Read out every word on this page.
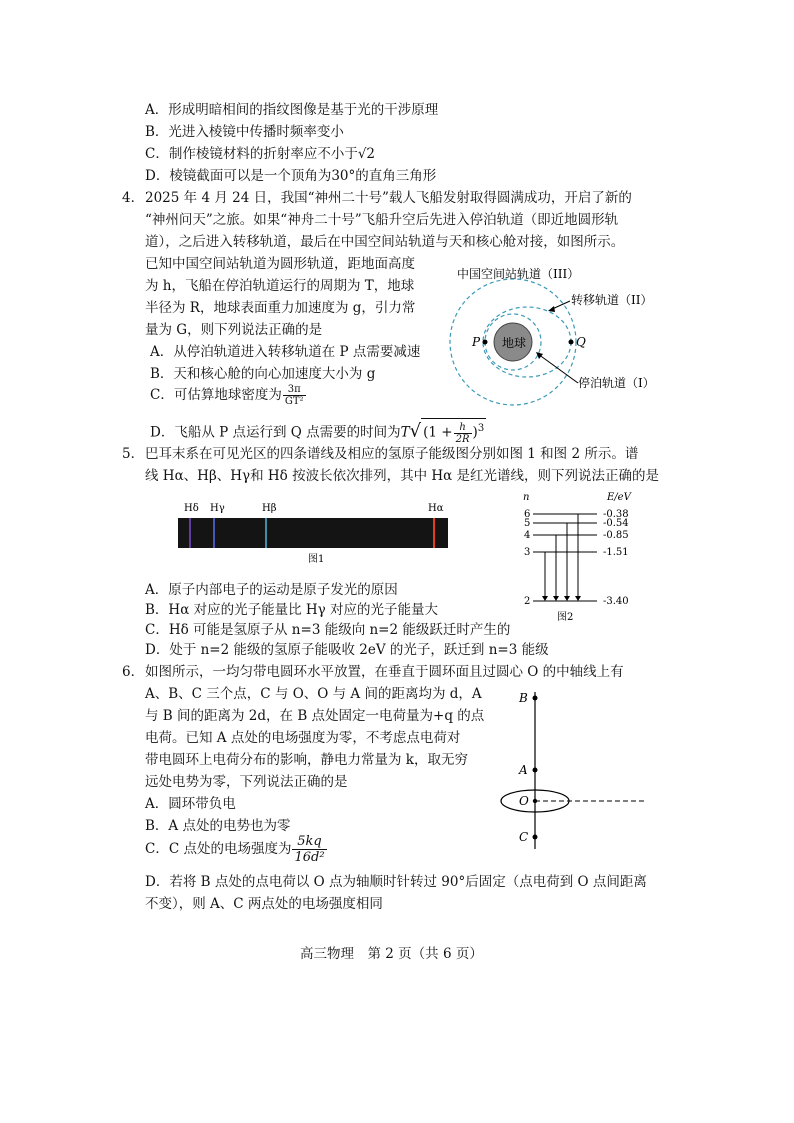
A．形成明暗相间的指纹图像是基于光的干涉原理
B．光进入棱镜中传播时频率变小
C．制作棱镜材料的折射率应不小于√2
D．棱镜截面可以是一个顶角为30°的直角三角形
4． 2025 年 4 月 24 日，我国“神州二十号”载人飞船发射取得圆满成功，开启了新的
“神州问天”之旅。如果“神舟二十号”飞船升空后先进入停泊轨道（即近地圆形轨
道），之后进入转移轨道，最后在中国空间站轨道与天和核心舱对接，如图所示。
已知中国空间站轨道为圆形轨道，距地面高度
为 h，飞船在停泊轨道运行的周期为 T，地球
半径为 R，地球表面重力加速度为 g，引力常
量为 G，则下列说法正确的是
A．从停泊轨道进入转移轨道在 P 点需要减速
B．天和核心舱的向心加速度大小为 g
C．可估算地球密度为 $\frac{3\pi}{\text{GT²}}$
D．飞船从 P 点运行到 Q 点需要的时间为T√ $(1 + \frac{h}{2R} )^3$
中国空间站轨道（III）
地球
P	Q
转移轨道（II）
停泊轨道（I）
5． 巴耳末系在可见光区的四条谱线及相应的氢原子能级图分别如图 1 和图 2 所示。谱
线 Hα、Hβ、Hγ和 Hδ 按波长依次排列，其中 Hα 是红光谱线，则下列说法正确的是
Hδ Hγ	Hβ	Hα
图1
n	E/eV
6	-0.38
5	-0.54
4	-0.85
3	-1.51
2	-3.40
图2
A．原子内部电子的运动是原子发光的原因
B．Hα 对应的光子能量比 Hγ 对应的光子能量大
C．Hδ 可能是氢原子从 n=3 能级向 n=2 能级跃迁时产生的
D．处于 n=2 能级的氢原子能吸收 2eV 的光子，跃迁到 n=3 能级
6． 如图所示，一均匀带电圆环水平放置，在垂直于圆环面且过圆心 O 的中轴线上有
A、B、C 三个点，C 与 O、O 与 A 间的距离均为 d，A
与 B 间的距离为 2d，在 B 点处固定一电荷量为+q 的点
电荷。已知 A 点处的电场强度为零，不考虑点电荷对
带电圆环上电荷分布的影响，静电力常量为 k，取无穷
远处电势为零，下列说法正确的是
A．圆环带负电
B．A 点处的电势也为零
C．C 点处的电场强度为 $\frac{5kq}{\text{16d²}}$
D．若将 B 点处的点电荷以 O 点为轴顺时针转过 90°后固定（点电荷到 O 点间距离
不变），则 A、C 两点处的电场强度相同
B
A
O
C
高三物理　第 2 页（共 6 页）
